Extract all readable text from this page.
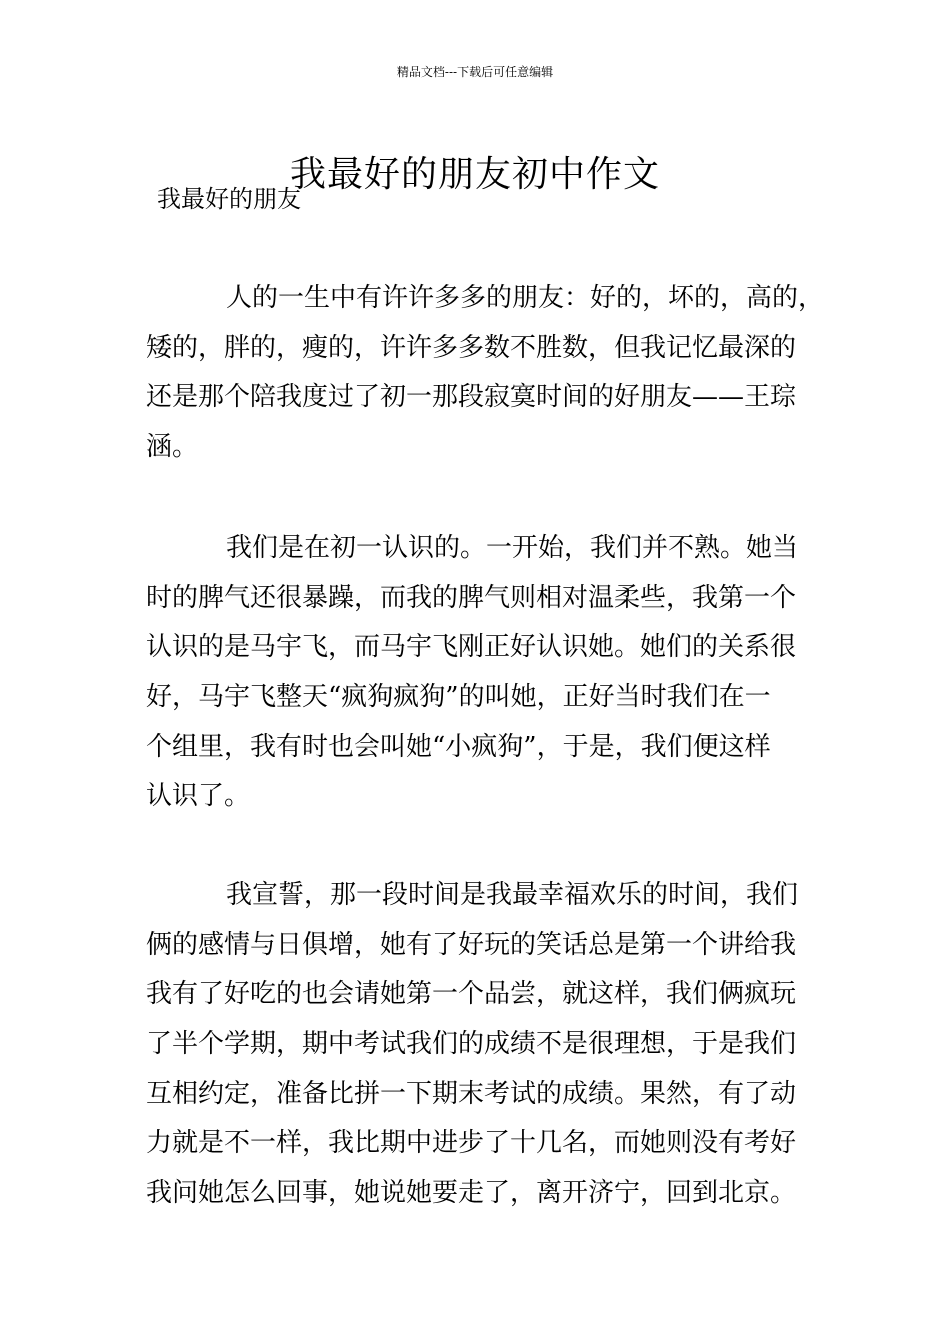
精品文档---下载后可任意编辑
我最好的朋友初中作文
我最好的朋友
人的一生中有许许多多的朋友：好的，坏的，高的，
矮的，胖的，瘦的，许许多多数不胜数，但我记忆最深的
还是那个陪我度过了初一那段寂寞时间的好朋友——王琮
涵。
我们是在初一认识的。一开始，我们并不熟。她当
时的脾气还很暴躁，而我的脾气则相对温柔些，我第一个
认识的是马宇飞，而马宇飞刚正好认识她。她们的关系很
好，马宇飞整天“疯狗疯狗”的叫她，正好当时我们在一
个组里，我有时也会叫她“小疯狗”，于是，我们便这样
认识了。
我宣誓，那一段时间是我最幸福欢乐的时间，我们
俩的感情与日俱增，她有了好玩的笑话总是第一个讲给我
我有了好吃的也会请她第一个品尝，就这样，我们俩疯玩
了半个学期，期中考试我们的成绩不是很理想，于是我们
互相约定，准备比拼一下期末考试的成绩。果然，有了动
力就是不一样，我比期中进步了十几名，而她则没有考好
我问她怎么回事，她说她要走了，离开济宁，回到北京。
